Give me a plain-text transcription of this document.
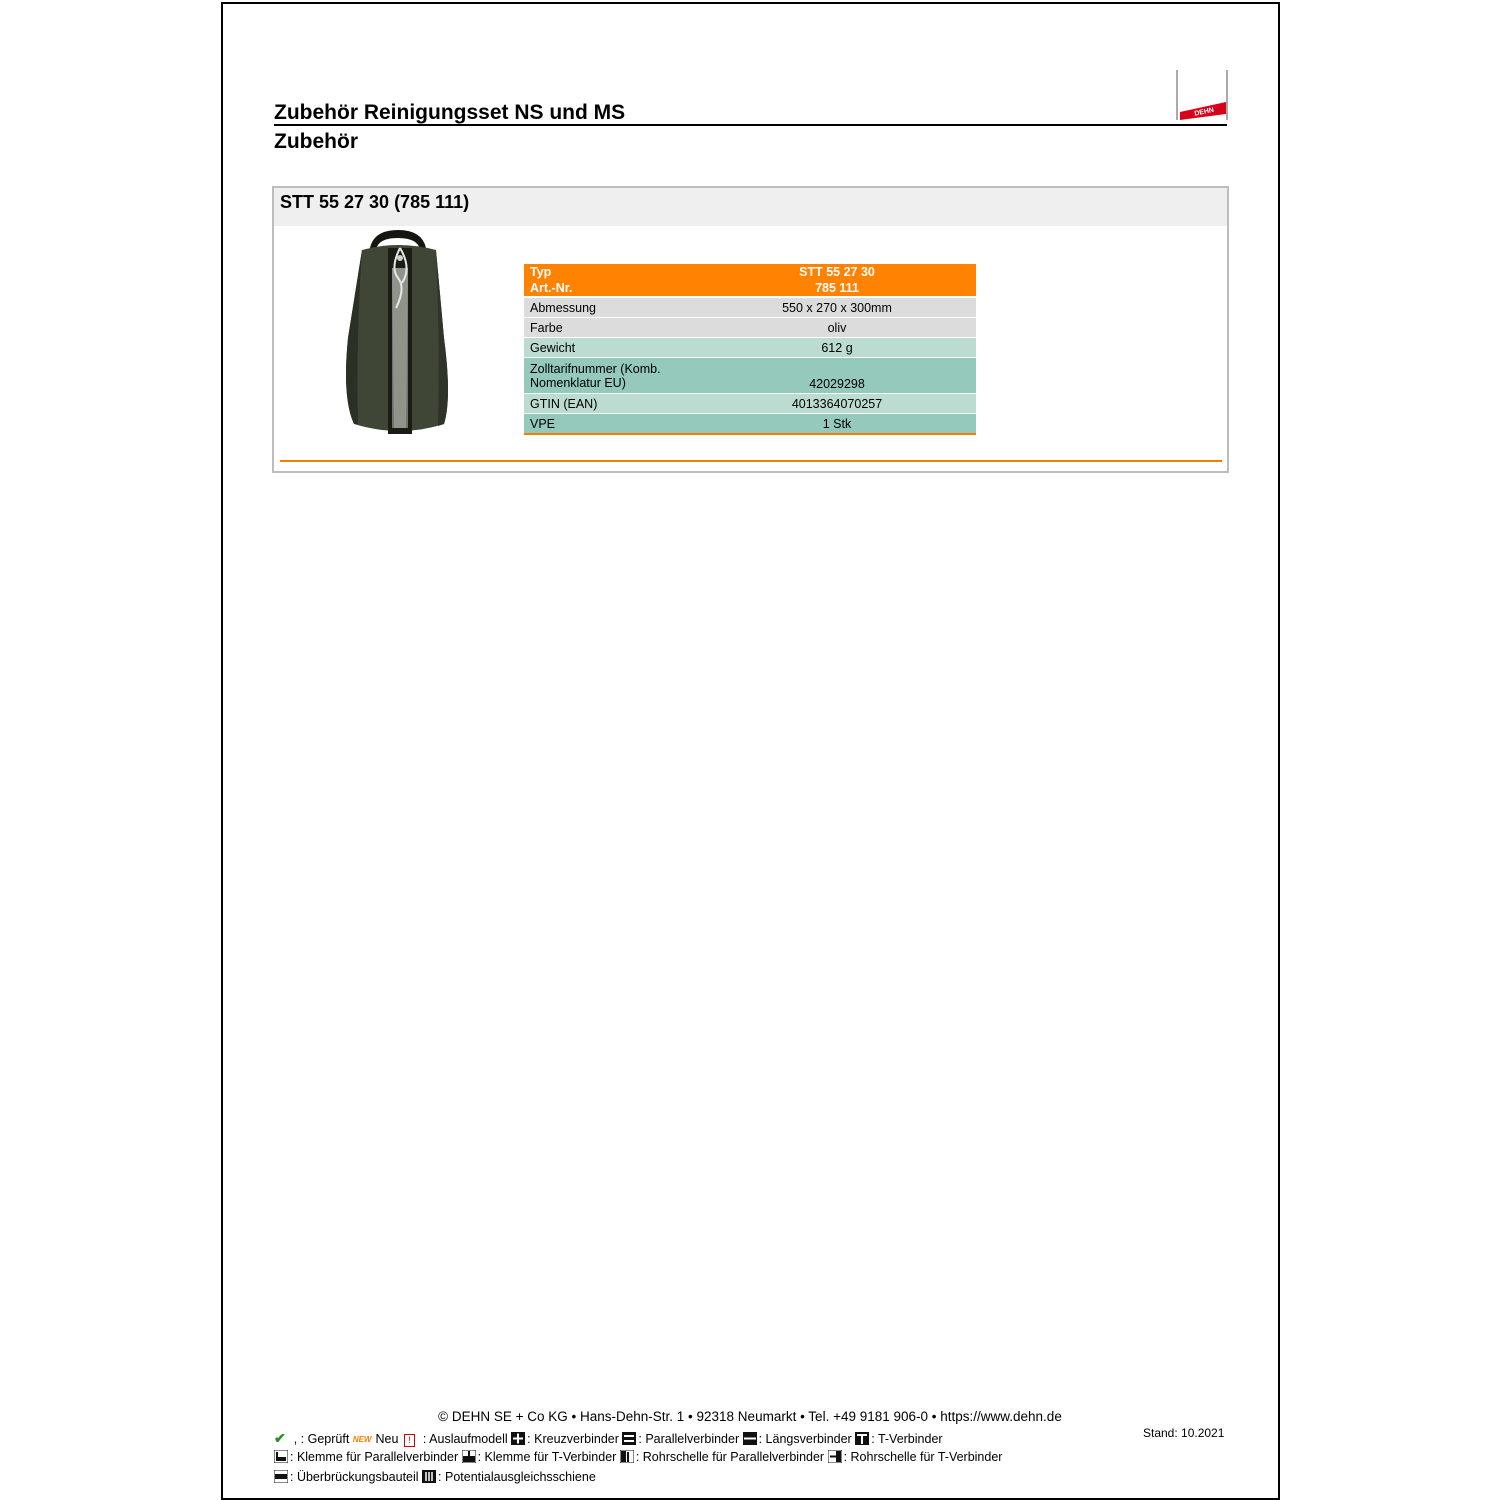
Zubehör Reinigungsset NS und MS
Zubehör
DEHN
STT 55 27 30 (785 111)
Typ	STT 55 27 30
Art.-Nr.	785 111
Abmessung	550 x 270 x 300mm
Farbe	oliv
Gewicht	612 g
Zolltarifnummer (Komb. Nomenklatur EU)	42029298
GTIN (EAN)	4013364070257
VPE	1 Stk
© DEHN SE + Co KG • Hans-Dehn-Str. 1 • 92318 Neumarkt • Tel. +49 9181 906-0 • https://www.dehn.de
Stand: 10.2021
✔ , : Geprüft NEW Neu ! : Auslaufmodell : Kreuzverbinder : Parallelverbinder : Längsverbinder : T-Verbinder
: Klemme für Parallelverbinder : Klemme für T-Verbinder : Rohrschelle für Parallelverbinder : Rohrschelle für T-Verbinder
: Überbrückungsbauteil : Potentialausgleichsschiene
